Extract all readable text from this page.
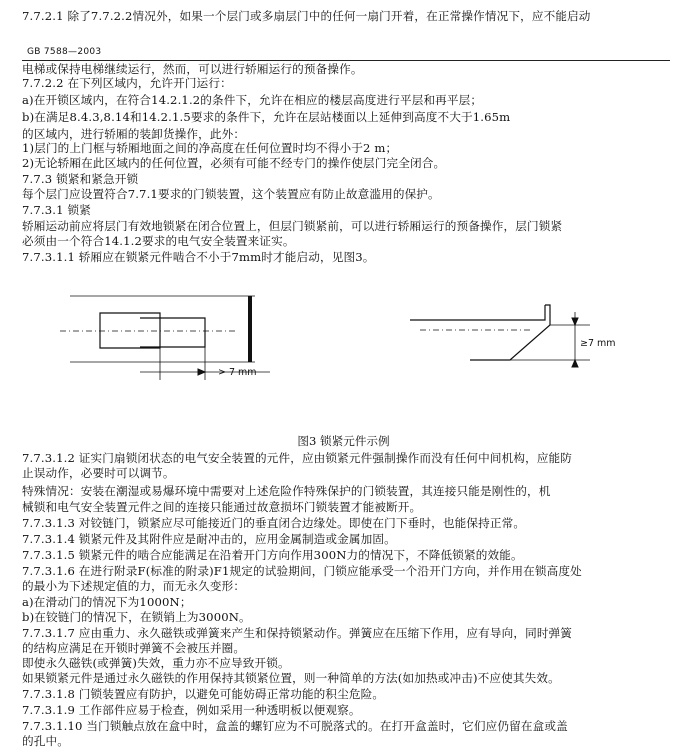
7.7.2.1 除了7.7.2.2情况外，如果一个层门或多扇层门中的任何一扇门开着，在正常操作情况下，应不能启动
GB 7588—2003
电梯或保持电梯继续运行，然而，可以进行轿厢运行的预备操作。
7.7.2.2 在下列区域内，允许开门运行：
a)在开锁区域内，在符合14.2.1.2的条件下，允许在相应的楼层高度进行平层和再平层；
b)在满足8.4.3,8.14和14.2.1.5要求的条件下，允许在层站楼面以上延伸到高度不大于1.65m
的区域内，进行轿厢的装卸货操作，此外：
1)层门的上门框与轿厢地面之间的净高度在任何位置时均不得小于2 m；
2)无论轿厢在此区域内的任何位置，必须有可能不经专门的操作使层门完全闭合。
7.7.3 锁紧和紧急开锁
每个层门应设置符合7.7.1要求的门锁装置，这个装置应有防止故意滥用的保护。
7.7.3.1 锁紧
轿厢运动前应将层门有效地锁紧在闭合位置上，但层门锁紧前，可以进行轿厢运行的预备操作，层门锁紧
必须由一个符合14.1.2要求的电气安全装置来证实。
7.7.3.1.1 轿厢应在锁紧元件啮合不小于7mm时才能启动，见图3。
> 7 mm
≥7 mm
图3 锁紧元件示例
7.7.3.1.2 证实门扇锁闭状态的电气安全装置的元件，应由锁紧元件强制操作而没有任何中间机构，应能防
止误动作，必要时可以调节。
特殊情况：安装在潮湿或易爆环境中需要对上述危险作特殊保护的门锁装置，其连接只能是刚性的，机
械锁和电气安全装置元件之间的连接只能通过故意损坏门锁装置才能被断开。
7.7.3.1.3 对铰链门，锁紧应尽可能接近门的垂直闭合边缘处。即使在门下垂时，也能保持正常。
7.7.3.1.4 锁紧元件及其附件应是耐冲击的，应用金属制造或金属加固。
7.7.3.1.5 锁紧元件的啮合应能满足在沿着开门方向作用300N力的情况下，不降低锁紧的效能。
7.7.3.1.6 在进行附录F(标准的附录)F1规定的试验期间，门锁应能承受一个沿开门方向，并作用在锁高度处
的最小为下述规定值的力，而无永久变形：
a)在滑动门的情况下为1000N；
b)在铰链门的情况下，在锁销上为3000N。
7.7.3.1.7 应由重力、永久磁铁或弹簧来产生和保持锁紧动作。弹簧应在压缩下作用，应有导向，同时弹簧
的结构应满足在开锁时弹簧不会被压并圈。
即使永久磁铁(或弹簧)失效，重力亦不应导致开锁。
如果锁紧元件是通过永久磁铁的作用保持其锁紧位置，则一种简单的方法(如加热或冲击)不应使其失效。
7.7.3.1.8 门锁装置应有防护，以避免可能妨碍正常功能的积尘危险。
7.7.3.1.9 工作部件应易于检查，例如采用一种透明板以便观察。
7.7.3.1.10 当门锁触点放在盒中时，盒盖的螺钉应为不可脱落式的。在打开盒盖时，它们应仍留在盒或盖
的孔中。
